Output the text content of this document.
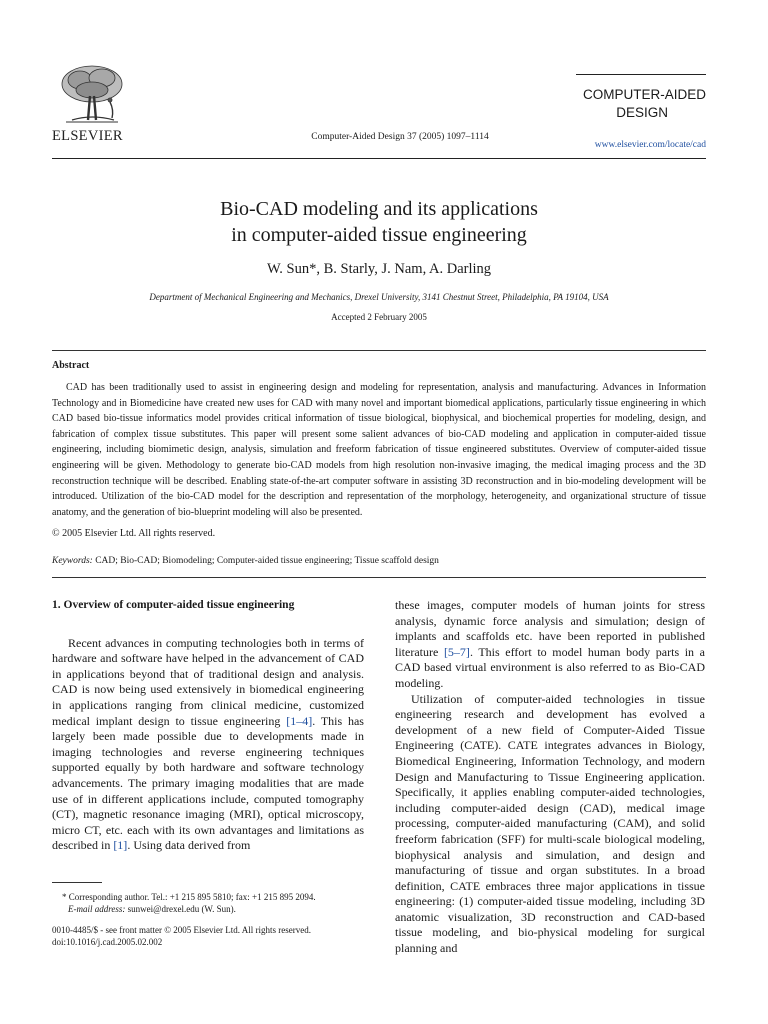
ELSEVIER	Computer-Aided Design 37 (2005) 1097–1114
COMPUTER-AIDED
DESIGN
www.elsevier.com/locate/cad
Bio-CAD modeling and its applications
in computer-aided tissue engineering
W. Sun*, B. Starly, J. Nam, A. Darling
Department of Mechanical Engineering and Mechanics, Drexel University, 3141 Chestnut Street, Philadelphia, PA 19104, USA
Accepted 2 February 2005
Abstract
CAD has been traditionally used to assist in engineering design and modeling for representation, analysis and manufacturing. Advances in Information Technology and in Biomedicine have created new uses for CAD with many novel and important biomedical applications, particularly tissue engineering in which CAD based bio-tissue informatics model provides critical information of tissue biological, biophysical, and biochemical properties for modeling, design, and fabrication of complex tissue substitutes. This paper will present some salient advances of bio-CAD modeling and application in computer-aided tissue engineering, including biomimetic design, analysis, simulation and freeform fabrication of tissue engineered substitutes. Overview of computer-aided tissue engineering will be given. Methodology to generate bio-CAD models from high resolution non-invasive imaging, the medical imaging process and the 3D reconstruction technique will be described. Enabling state-of-the-art computer software in assisting 3D reconstruction and in bio-modeling development will be introduced. Utilization of the bio-CAD model for the description and representation of the morphology, heterogeneity, and organizational structure of tissue anatomy, and the generation of bio-blueprint modeling will also be presented.
© 2005 Elsevier Ltd. All rights reserved.
Keywords: CAD; Bio-CAD; Biomodeling; Computer-aided tissue engineering; Tissue scaffold design
1. Overview of computer-aided tissue engineering

Recent advances in computing technologies both in terms of hardware and software have helped in the advancement of CAD in applications beyond that of traditional design and analysis. CAD is now being used extensively in biomedical engineering in applications ranging from clinical medicine, customized medical implant design to tissue engineering [1–4]. This has largely been made possible due to developments made in imaging technologies and reverse engineering techniques supported equally by both hardware and software technology advancements. The primary imaging modalities that are made use of in different applications include, computed tomography (CT), magnetic resonance imaging (MRI), optical microscopy, micro CT, etc. each with its own advantages and limitations as described in [1]. Using data derived from

these images, computer models of human joints for stress analysis, dynamic force analysis and simulation; design of implants and scaffolds etc. have been reported in published literature [5–7]. This effort to model human body parts in a CAD based virtual environment is also referred to as Bio-CAD modeling.

Utilization of computer-aided technologies in tissue engineering research and development has evolved a development of a new field of Computer-Aided Tissue Engineering (CATE). CATE integrates advances in Biology, Biomedical Engineering, Information Technology, and modern Design and Manufacturing to Tissue Engineering application. Specifically, it applies enabling computer-aided technologies, including computer-aided design (CAD), medical image processing, computer-aided manufacturing (CAM), and solid freeform fabrication (SFF) for multi-scale biological modeling, biophysical analysis and simulation, and design and manufacturing of tissue and organ substitutes. In a broad definition, CATE embraces three major applications in tissue engineering: (1) computer-aided tissue modeling, including 3D anatomic visualization, 3D reconstruction and CAD-based tissue modeling, and bio-physical modeling for surgical planning and

* Corresponding author. Tel.: +1 215 895 5810; fax: +1 215 895 2094.
E-mail address: sunwei@drexel.edu (W. Sun).
0010-4485/$ - see front matter © 2005 Elsevier Ltd. All rights reserved.
doi:10.1016/j.cad.2005.02.002
